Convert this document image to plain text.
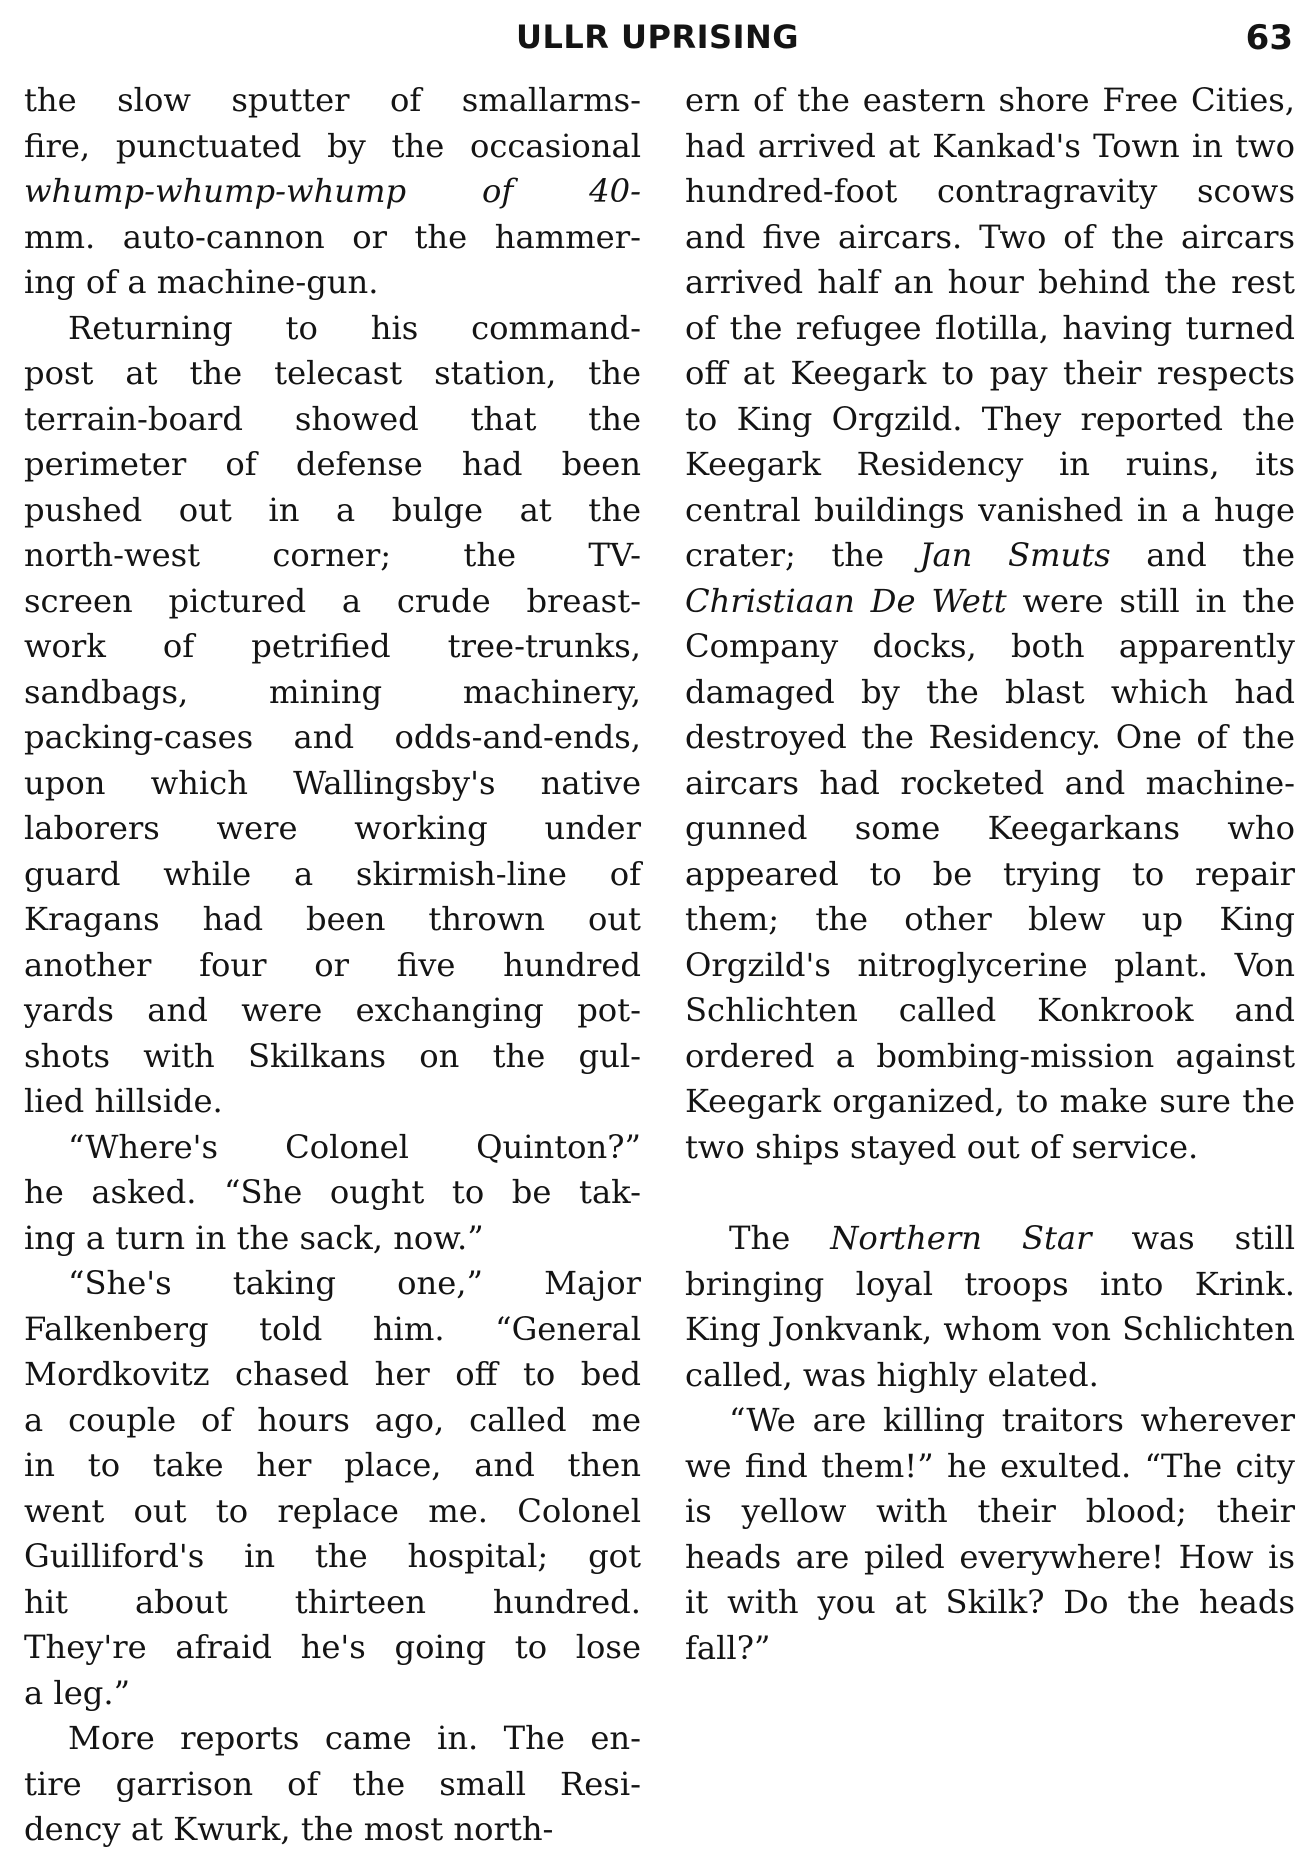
ULLR UPRISING	63
the slow sputter of smallarms-
fire, punctuated by the occasional
whump-whump-whump of 40-
mm. auto-cannon or the hammer-
ing of a machine-gun.
Returning to his command-
post at the telecast station, the
terrain-board showed that the
perimeter of defense had been
pushed out in a bulge at the
north-west corner; the TV-
screen pictured a crude breast-
work of petrified tree-trunks,
sandbags, mining machinery,
packing-cases and odds-and-ends,
upon which Wallingsby's native
laborers were working under
guard while a skirmish-line of
Kragans had been thrown out
another four or five hundred
yards and were exchanging pot-
shots with Skilkans on the gul-
lied hillside.
“Where's Colonel Quinton?”
he asked. “She ought to be tak-
ing a turn in the sack, now.”
“She's taking one,” Major
Falkenberg told him. “General
Mordkovitz chased her off to bed
a couple of hours ago, called me
in to take her place, and then
went out to replace me. Colonel
Guilliford's in the hospital; got
hit about thirteen hundred.
They're afraid he's going to lose
a leg.”
More reports came in. The en-
tire garrison of the small Resi-
dency at Kwurk, the most north-

ern of the eastern shore Free Cities, had arrived at Kankad's Town in two hundred-foot contragravity scows and five aircars. Two of the aircars arrived half an hour behind the rest of the refugee flotilla, having turned off at Keegark to pay their respects to King Orgzild. They reported the Keegark Residency in ruins, its central buildings vanished in a huge crater; the Jan Smuts and the Christiaan De Wett were still in the Company docks, both apparently damaged by the blast which had destroyed the Residency. One of the aircars had rocketed and machine-gunned some Keegarkans who appeared to be trying to repair them; the other blew up King Orgzild's nitroglycerine plant. Von Schlichten called Konkrook and ordered a bombing-mission against Keegark organized, to make sure the two ships stayed out of service.

The Northern Star was still bringing loyal troops into Krink. King Jonkvank, whom von Schlichten called, was highly elated.

“We are killing traitors wherever we find them!” he exulted. “The city is yellow with their blood; their heads are piled everywhere! How is it with you at Skilk? Do the heads fall?”
